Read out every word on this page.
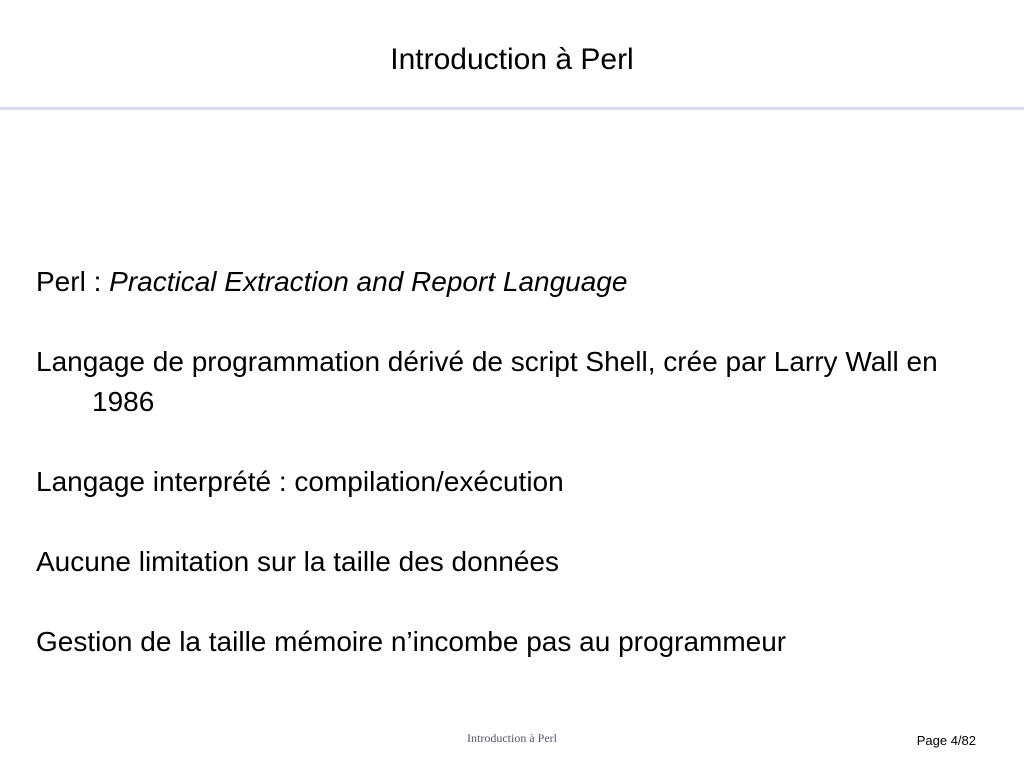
Introduction à Perl

Perl : Practical Extraction and Report Language

Langage de programmation dérivé de script Shell, crée par Larry Wall en 1986

Langage interprété : compilation/exécution

Aucune limitation sur la taille des données

Gestion de la taille mémoire n’incombe pas au programmeur

Introduction à Perl	Page 4/82
